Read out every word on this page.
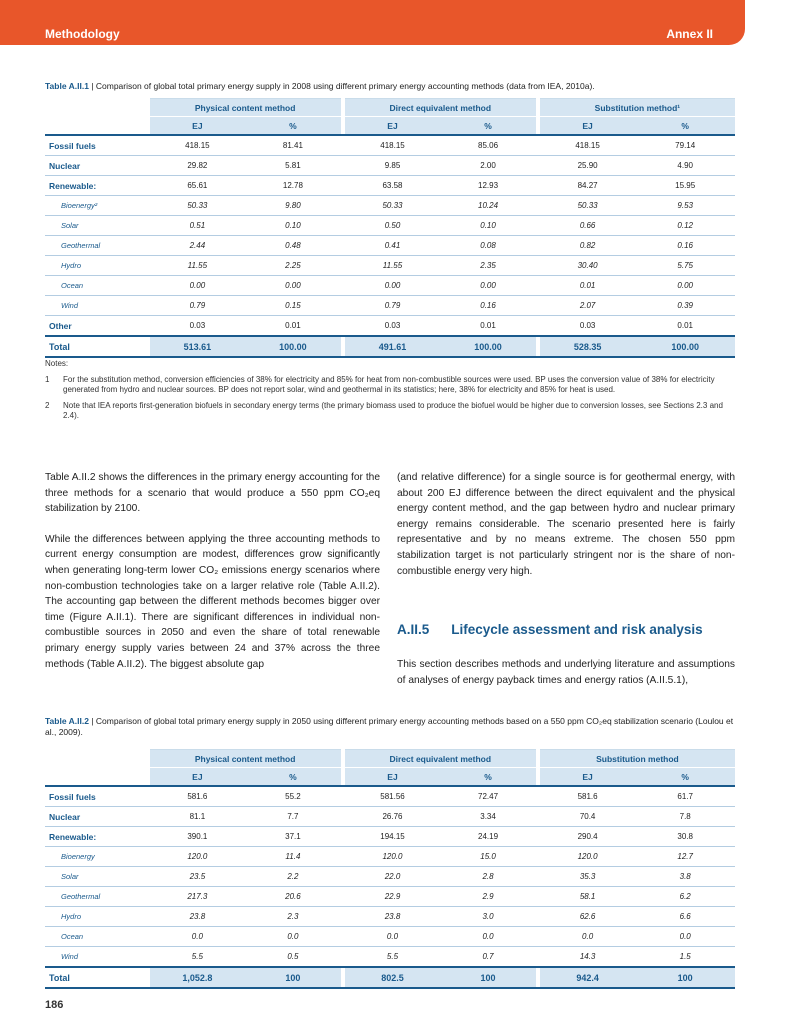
Methodology	Annex II
Table A.II.1 | Comparison of global total primary energy supply in 2008 using different primary energy accounting methods (data from IEA, 2010a).
	Physical content method			Direct equivalent method			Substitution method¹	
	EJ	%		EJ	%		EJ	%
Fossil fuels	418.15	81.41		418.15	85.06		418.15	79.14
Nuclear	29.82	5.81		9.85	2.00		25.90	4.90
Renewable:	65.61	12.78		63.58	12.93		84.27	15.95
Bioenergy²	50.33	9.80		50.33	10.24		50.33	9.53
Solar	0.51	0.10		0.50	0.10		0.66	0.12
Geothermal	2.44	0.48		0.41	0.08		0.82	0.16
Hydro	11.55	2.25		11.55	2.35		30.40	5.75
Ocean	0.00	0.00		0.00	0.00		0.01	0.00
Wind	0.79	0.15		0.79	0.16		2.07	0.39
Other	0.03	0.01		0.03	0.01		0.03	0.01
Total	513.61	100.00		491.61	100.00		528.35	100.00
Notes:
1 For the substitution method, conversion efficiencies of 38% for electricity and 85% for heat from non-combustible sources were used. BP uses the conversion value of 38% for electricity generated from hydro and nuclear sources. BP does not report solar, wind and geothermal in its statistics; here, 38% for electricity and 85% for heat is used.
2 Note that IEA reports first-generation biofuels in secondary energy terms (the primary biomass used to produce the biofuel would be higher due to conversion losses, see Sections 2.3 and 2.4).

Table A.II.2 shows the differences in the primary energy accounting for the three methods for a scenario that would produce a 550 ppm CO₂eq stabilization by 2100.

While the differences between applying the three accounting methods to current energy consumption are modest, differences grow significantly when generating long-term lower CO₂ emissions energy scenarios where non-combustion technologies take on a larger relative role (Table A.II.2). The accounting gap between the different methods becomes bigger over time (Figure A.II.1). There are significant differences in individual non-combustible sources in 2050 and even the share of total renewable primary energy supply varies between 24 and 37% across the three methods (Table A.II.2). The biggest absolute gap

(and relative difference) for a single source is for geothermal energy, with about 200 EJ difference between the direct equivalent and the physical energy content method, and the gap between hydro and nuclear primary energy remains considerable. The scenario presented here is fairly representative and by no means extreme. The chosen 550 ppm stabilization target is not particularly stringent nor is the share of non-combustible energy very high.

A.II.5 Lifecycle assessment and risk analysis

This section describes methods and underlying literature and assumptions of analyses of energy payback times and energy ratios (A.II.5.1),

Table A.II.2 | Comparison of global total primary energy supply in 2050 using different primary energy accounting methods based on a 550 ppm CO₂eq stabilization scenario (Loulou et al., 2009).
	Physical content method			Direct equivalent method			Substitution method	
	EJ	%		EJ	%		EJ	%
Fossil fuels	581.6	55.2		581.56	72.47		581.6	61.7
Nuclear	81.1	7.7		26.76	3.34		70.4	7.8
Renewable:	390.1	37.1		194.15	24.19		290.4	30.8
Bioenergy	120.0	11.4		120.0	15.0		120.0	12.7
Solar	23.5	2.2		22.0	2.8		35.3	3.8
Geothermal	217.3	20.6		22.9	2.9		58.1	6.2
Hydro	23.8	2.3		23.8	3.0		62.6	6.6
Ocean	0.0	0.0		0.0	0.0		0.0	0.0
Wind	5.5	0.5		5.5	0.7		14.3	1.5
Total	1,052.8	100		802.5	100		942.4	100
186
